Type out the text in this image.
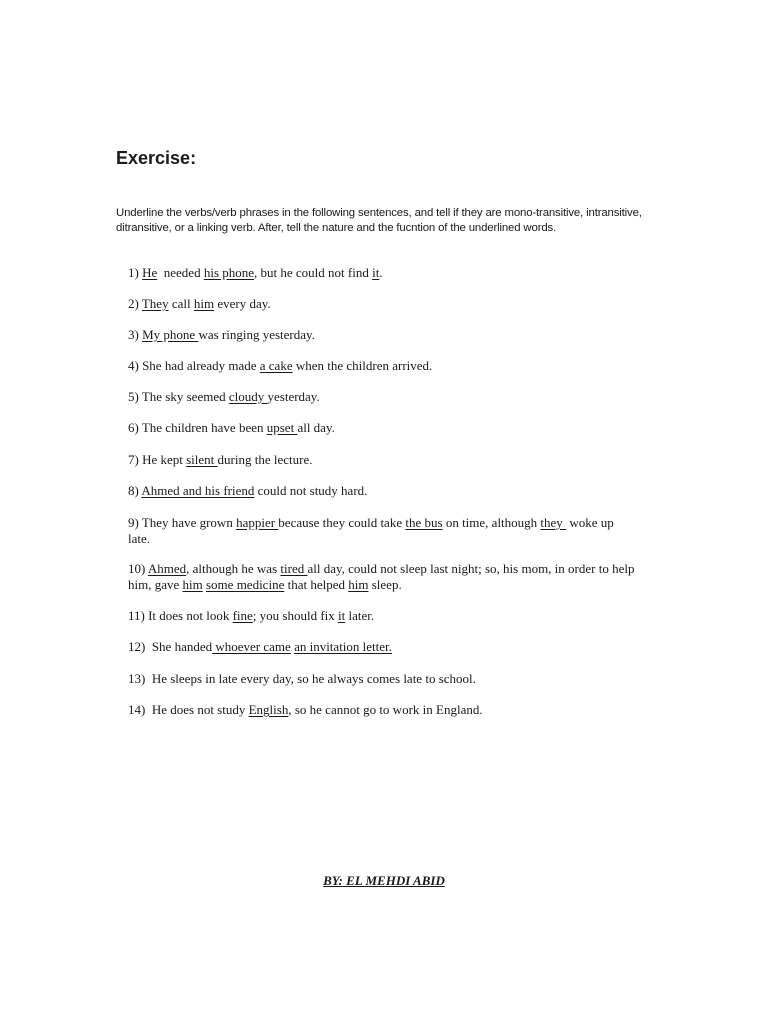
Exercise:

Underline the verbs/verb phrases in the following sentences, and tell if they are mono-transitive, intransitive, ditransitive, or a linking verb. After, tell the nature and the fucntion of the underlined words.

1) He  needed his phone, but he could not find it.
2) They call him every day.
3) My phone was ringing yesterday.
4) She had already made a cake when the children arrived.
5) The sky seemed cloudy yesterday.
6) The children have been upset all day.
7) He kept silent during the lecture.
8) Ahmed and his friend could not study hard.
9) They have grown happier because they could take the bus on time, although they  woke up late.
10) Ahmed, although he was tired all day, could not sleep last night; so, his mom, in order to help him, gave him some medicine that helped him sleep.
11) It does not look fine; you should fix it later.
12)  She handed whoever came an invitation letter.
13)  He sleeps in late every day, so he always comes late to school.
14)  He does not study English, so he cannot go to work in England.
BY: EL MEHDI ABID
